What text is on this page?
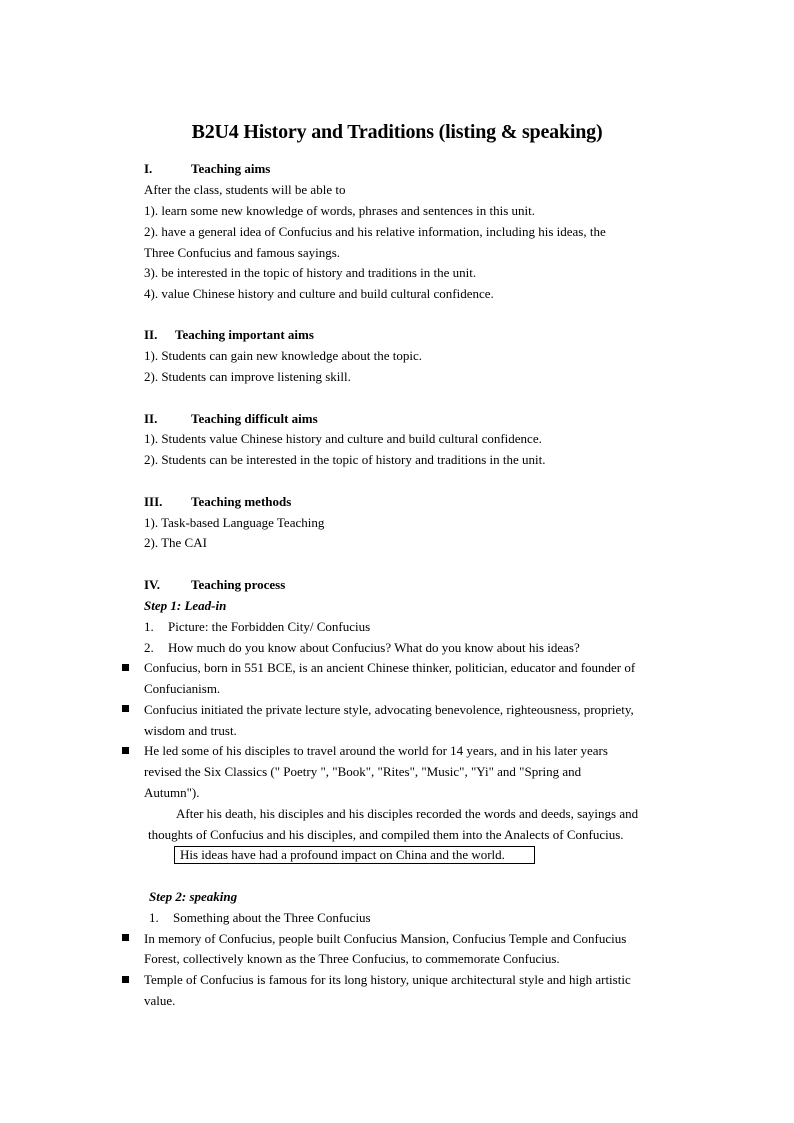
B2U4 History and Traditions (listing & speaking)
I.	Teaching aims
After the class, students will be able to
1). learn some new knowledge of words, phrases and sentences in this unit.
2). have a general idea of Confucius and his relative information, including his ideas, the
Three Confucius and famous sayings.
3). be interested in the topic of history and traditions in the unit.
4). value Chinese history and culture and build cultural confidence.
II. Teaching important aims
1). Students can gain new knowledge about the topic.
2). Students can improve listening skill.
II.	Teaching difficult aims
1). Students value Chinese history and culture and build cultural confidence.
2). Students can be interested in the topic of history and traditions in the unit.
III. Teaching methods
1). Task-based Language Teaching
2). The CAI
IV. Teaching process
Step 1: Lead-in
1. Picture: the Forbidden City/ Confucius
2. How much do you know about Confucius? What do you know about his ideas?
Confucius, born in 551 BCE, is an ancient Chinese thinker, politician, educator and founder of
Confucianism.
Confucius initiated the private lecture style, advocating benevolence, righteousness, propriety,
wisdom and trust.
He led some of his disciples to travel around the world for 14 years, and in his later years
revised the Six Classics (" Poetry ", "Book", "Rites", "Music", "Yi" and "Spring and
Autumn").
After his death, his disciples and his disciples recorded the words and deeds, sayings and
thoughts of Confucius and his disciples, and compiled them into the Analects of Confucius.
His ideas have had a profound impact on China and the world.
Step 2: speaking
1. Something about the Three Confucius
In memory of Confucius, people built Confucius Mansion, Confucius Temple and Confucius
Forest, collectively known as the Three Confucius, to commemorate Confucius.
Temple of Confucius is famous for its long history, unique architectural style and high artistic
value.
